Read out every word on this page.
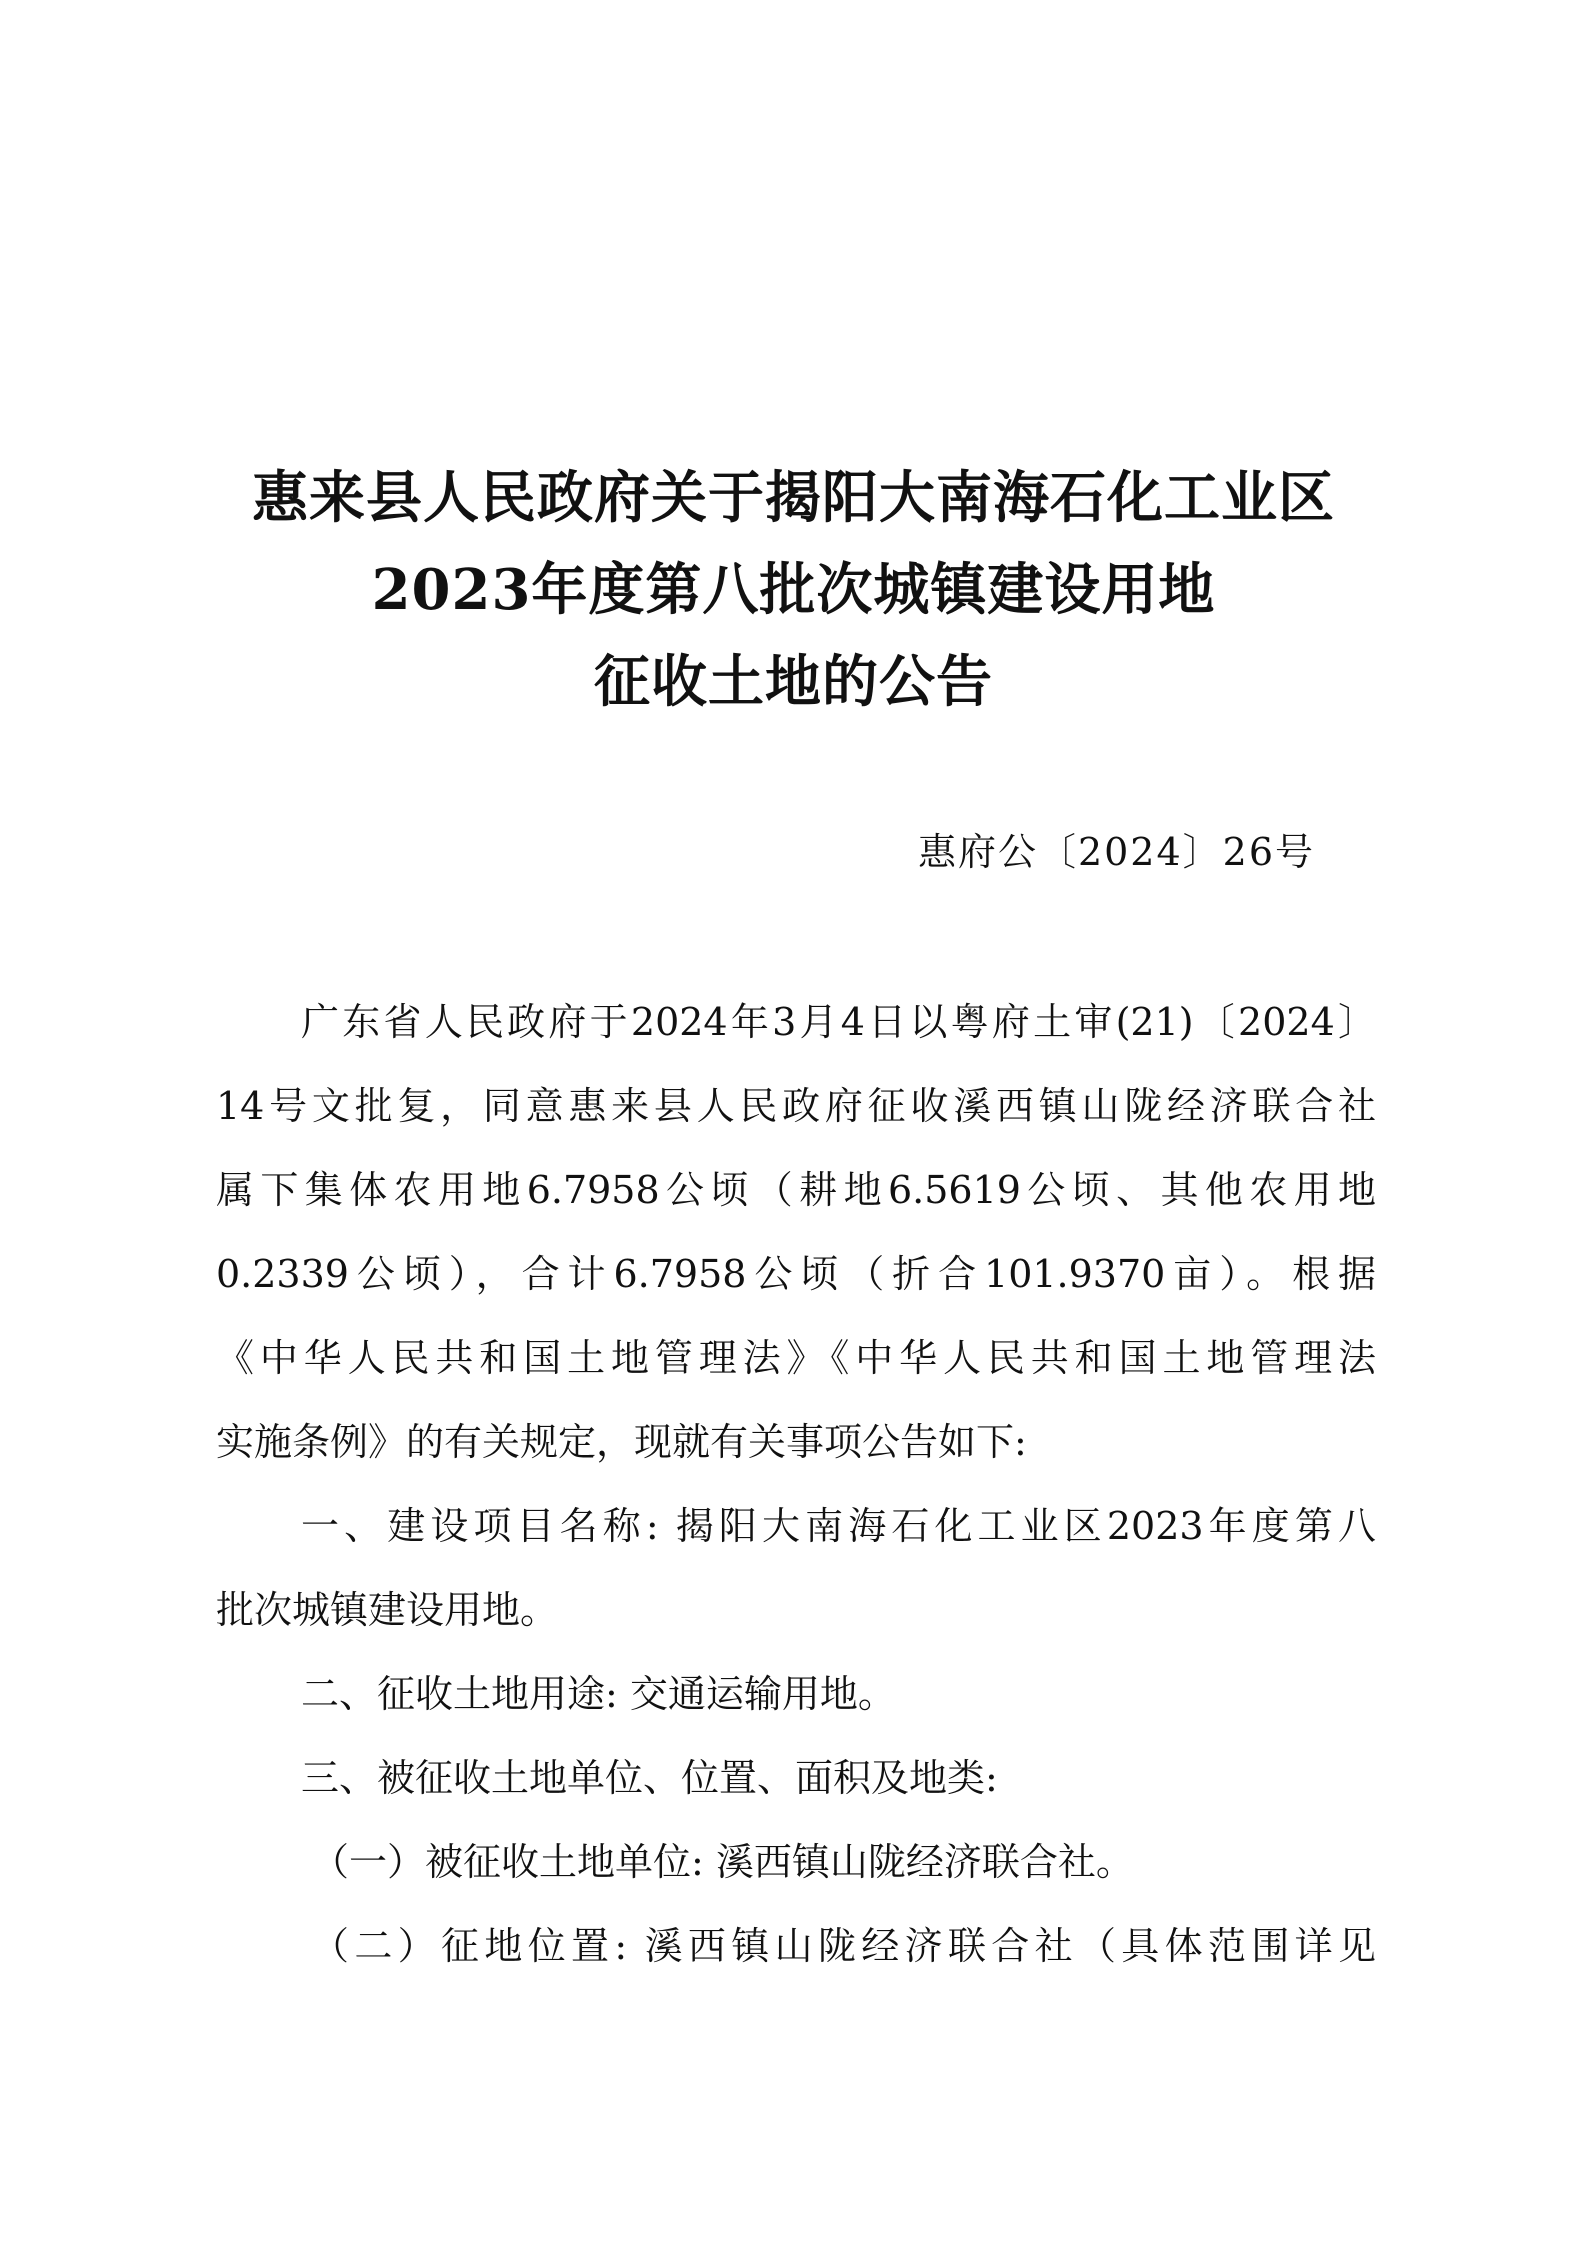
惠来县人民政府关于揭阳大南海石化工业区
2023年度第八批次城镇建设用地
征收土地的公告
惠府公〔2024〕26号
广东省人民政府于2024年3月4日以粤府土审(21)〔2024〕
14号文批复，同意惠来县人民政府征收溪西镇山陇经济联合社
属下集体农用地6.7958公顷（耕地6.5619公顷、其他农用地
0.2339公顷），合计6.7958公顷（折合101.9370亩）。根据
《中华人民共和国土地管理法》《中华人民共和国土地管理法
实施条例》的有关规定，现就有关事项公告如下:
一、建设项目名称: 揭阳大南海石化工业区2023年度第八
批次城镇建设用地。
二、征收土地用途: 交通运输用地。
三、被征收土地单位、位置、面积及地类:
（一）被征收土地单位: 溪西镇山陇经济联合社。
（二）征地位置: 溪西镇山陇经济联合社（具体范围详见
